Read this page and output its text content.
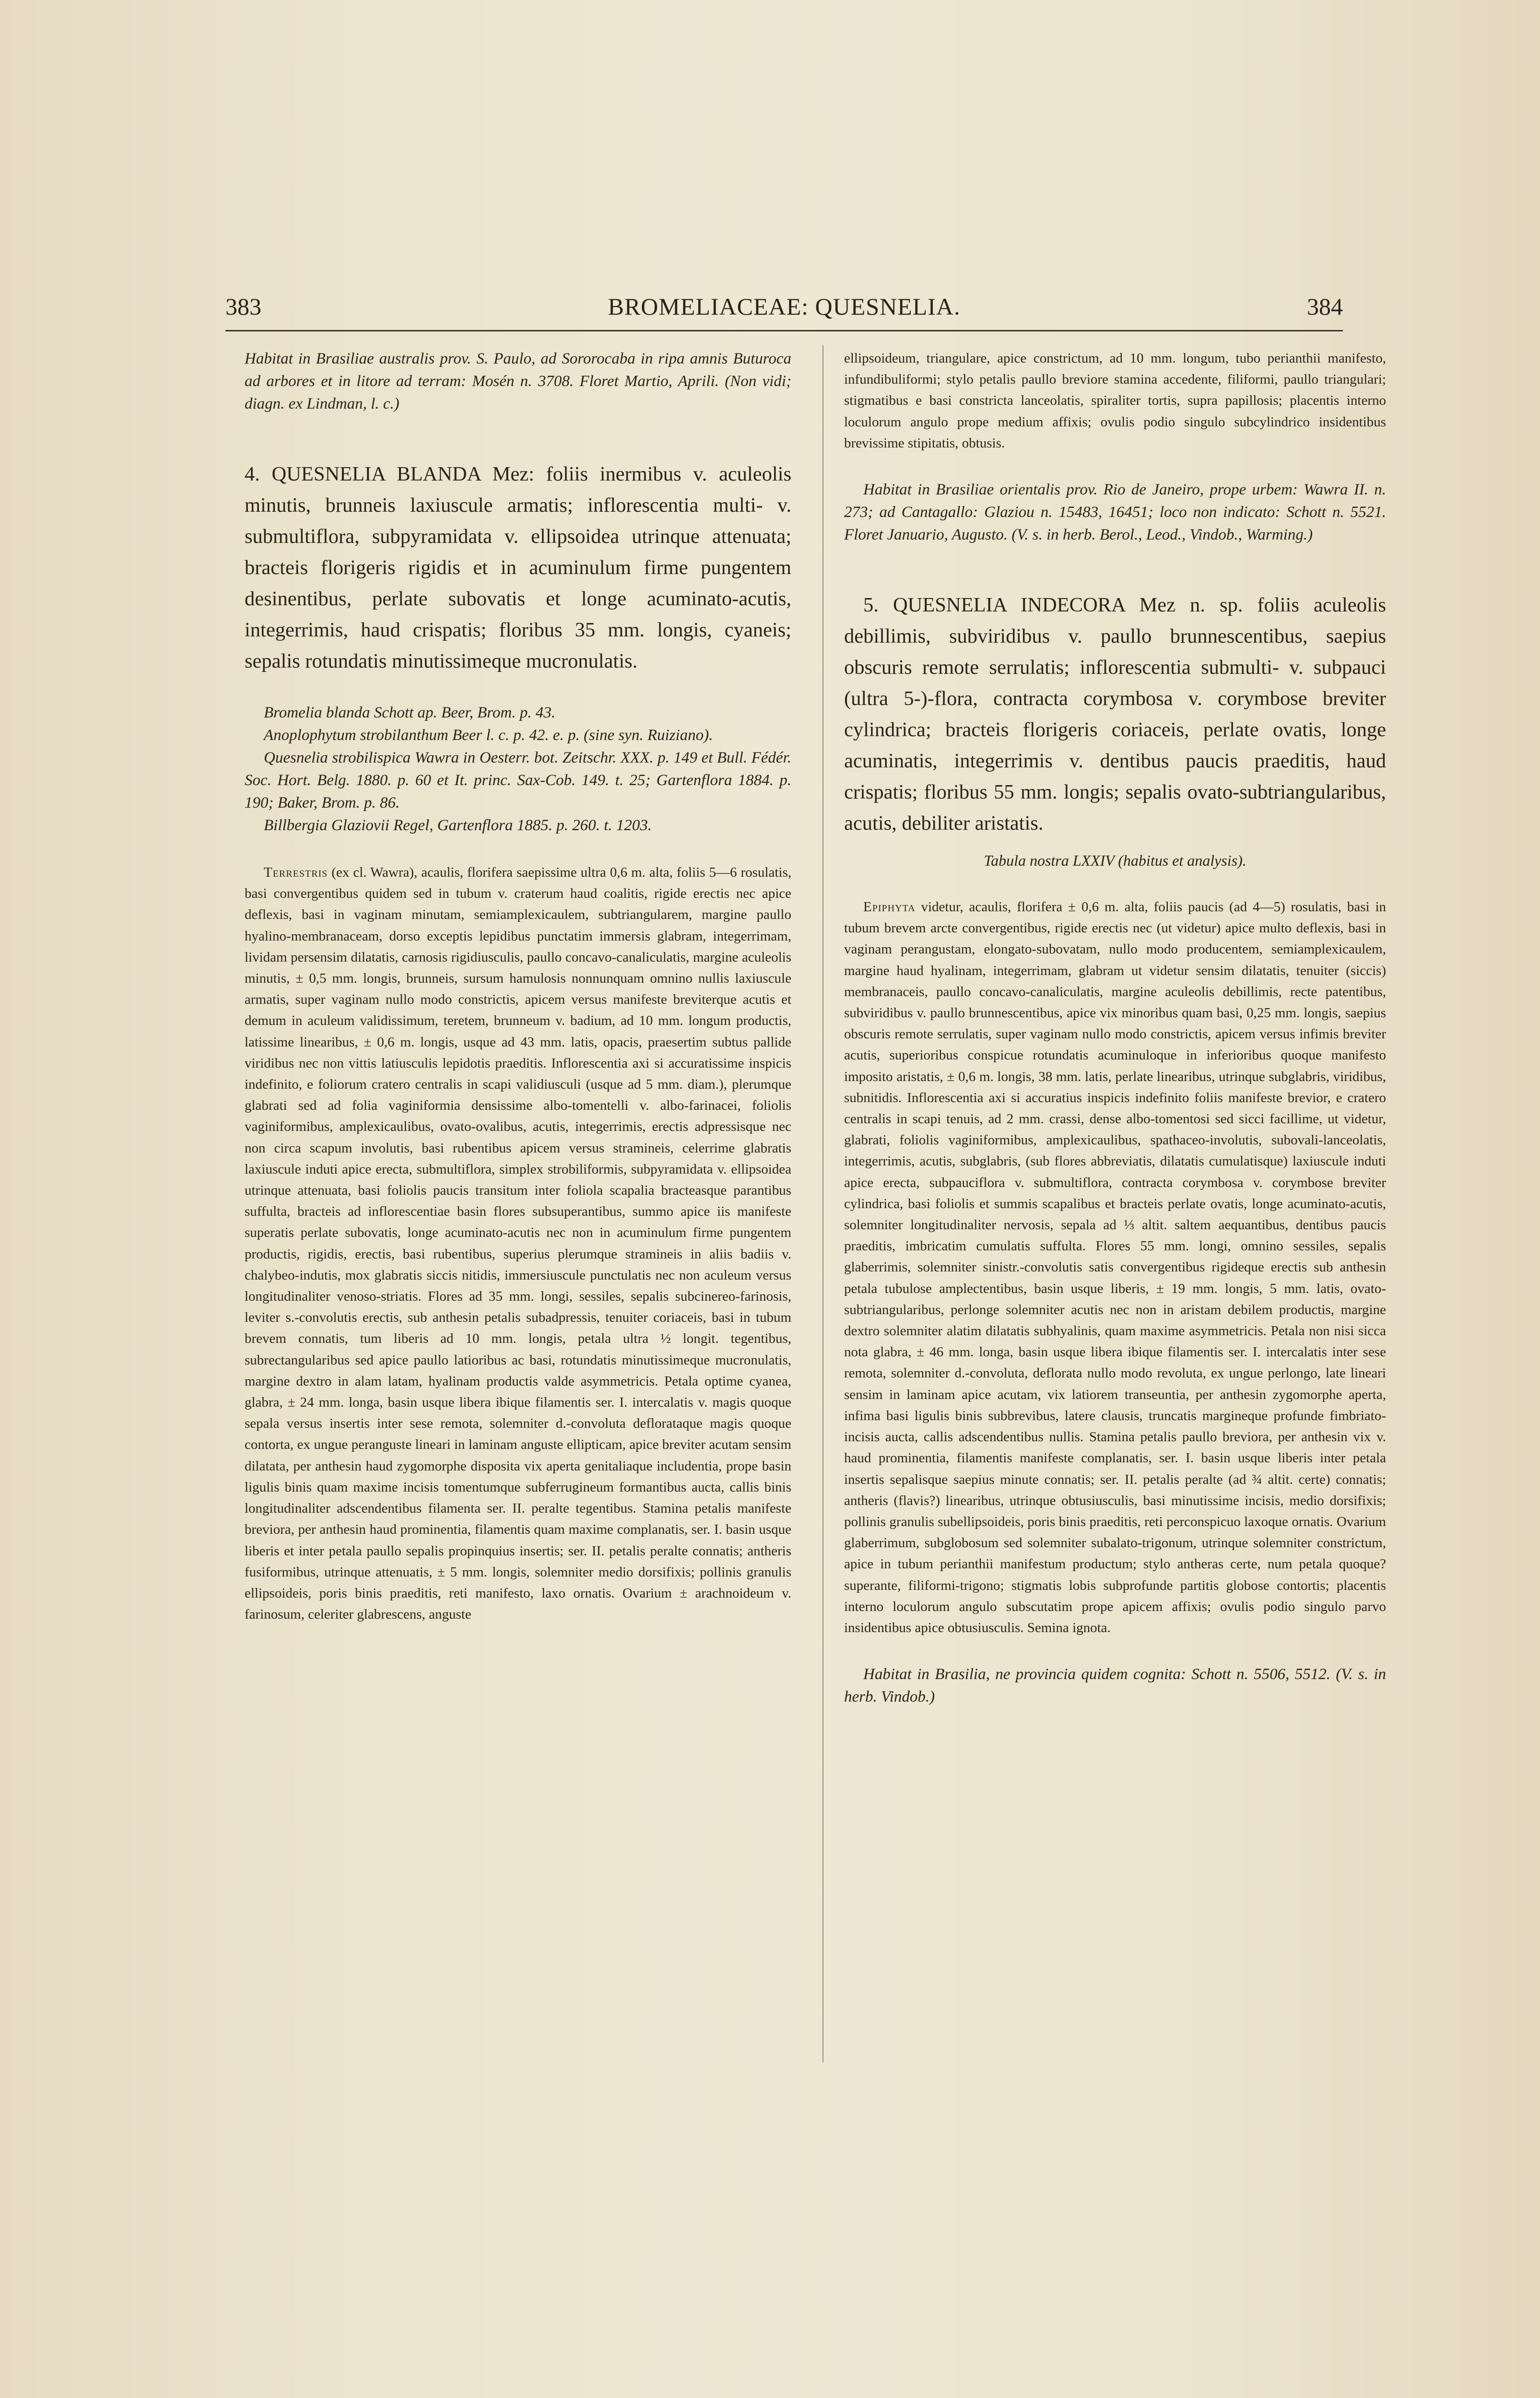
383	BROMELIACEAE: QUESNELIA.	384

Habitat in Brasiliae australis prov. S. Paulo, ad Sororocaba in ripa amnis Buturoca ad arbores et in litore ad terram: Mosén n. 3708. Floret Martio, Aprili. (Non vidi; diagn. ex Lindman, l. c.)

4. QUESNELIA BLANDA Mez: foliis inermibus v. aculeolis minutis, brunneis laxiuscule armatis; inflorescentia multi- v. submultiflora, subpyramidata v. ellipsoidea utrinque attenuata; bracteis florigeris rigidis et in acuminulum firme pungentem desinentibus, perlate subovatis et longe acuminato-acutis, integerrimis, haud crispatis; floribus 35 mm. longis, cyaneis; sepalis rotundatis minutissimeque mucronulatis.

Bromelia blanda Schott ap. Beer, Brom. p. 43.

Anoplophytum strobilanthum Beer l. c. p. 42. e. p. (sine syn. Ruiziano).

Quesnelia strobilispica Wawra in Oesterr. bot. Zeitschr. XXX. p. 149 et Bull. Fédér. Soc. Hort. Belg. 1880. p. 60 et It. princ. Sax-Cob. 149. t. 25; Gartenflora 1884. p. 190; Baker, Brom. p. 86.

Billbergia Glaziovii Regel, Gartenflora 1885. p. 260. t. 1203.

Terrestris (ex cl. Wawra), acaulis, florifera saepissime ultra 0,6 m. alta, foliis 5—6 rosulatis, basi convergentibus quidem sed in tubum v. craterum haud coalitis, rigide erectis nec apice deflexis, basi in vaginam minutam, semiamplexicaulem, subtriangularem, margine paullo hyalino-membranaceam, dorso exceptis lepidibus punctatim immersis glabram, integerrimam, lividam persensim dilatatis, carnosis rigidiusculis, paullo concavo-canaliculatis, margine aculeolis minutis, ± 0,5 mm. longis, brunneis, sursum hamulosis nonnunquam omnino nullis laxiuscule armatis, super vaginam nullo modo constrictis, apicem versus manifeste breviterque acutis et demum in aculeum validissimum, teretem, brunneum v. badium, ad 10 mm. longum productis, latissime linearibus, ± 0,6 m. longis, usque ad 43 mm. latis, opacis, praesertim subtus pallide viridibus nec non vittis latiusculis lepidotis praeditis. Inflorescentia axi si accuratissime inspicis indefinito, e foliorum cratero centralis in scapi validiusculi (usque ad 5 mm. diam.), plerumque glabrati sed ad folia vaginiformia densissime albo-tomentelli v. albo-farinacei, foliolis vaginiformibus, amplexicaulibus, ovato-ovalibus, acutis, integerrimis, erectis adpressisque nec non circa scapum involutis, basi rubentibus apicem versus stramineis, celerrime glabratis laxiuscule induti apice erecta, submultiflora, simplex strobiliformis, subpyramidata v. ellipsoidea utrinque attenuata, basi foliolis paucis transitum inter foliola scapalia bracteasque parantibus suffulta, bracteis ad inflorescentiae basin flores subsuperantibus, summo apice iis manifeste superatis perlate subovatis, longe acuminato-acutis nec non in acuminulum firme pungentem productis, rigidis, erectis, basi rubentibus, superius plerumque stramineis in aliis badiis v. chalybeo-indutis, mox glabratis siccis nitidis, immersiuscule punctulatis nec non aculeum versus longitudinaliter venoso-striatis. Flores ad 35 mm. longi, sessiles, sepalis subcinereo-farinosis, leviter s.-convolutis erectis, sub anthesin petalis subadpressis, tenuiter coriaceis, basi in tubum brevem connatis, tum liberis ad 10 mm. longis, petala ultra ½ longit. tegentibus, subrectangularibus sed apice paullo latioribus ac basi, rotundatis minutissimeque mucronulatis, margine dextro in alam latam, hyalinam productis valde asymmetricis. Petala optime cyanea, glabra, ± 24 mm. longa, basin usque libera ibique filamentis ser. I. intercalatis v. magis quoque sepala versus insertis inter sese remota, solemniter d.-convoluta deflorataque magis quoque contorta, ex ungue peranguste lineari in laminam anguste ellipticam, apice breviter acutam sensim dilatata, per anthesin haud zygomorphe disposita vix aperta genitaliaque includentia, prope basin ligulis binis quam maxime incisis tomentumque subferrugineum formantibus aucta, callis binis longitudinaliter adscendentibus filamenta ser. II. peralte tegentibus. Stamina petalis manifeste breviora, per anthesin haud prominentia, filamentis quam maxime complanatis, ser. I. basin usque liberis et inter petala paullo sepalis propinquius insertis; ser. II. petalis peralte connatis; antheris fusiformibus, utrinque attenuatis, ± 5 mm. longis, solemniter medio dorsifixis; pollinis granulis ellipsoideis, poris binis praeditis, reti manifesto, laxo ornatis. Ovarium ± arachnoideum v. farinosum, celeriter glabrescens, anguste

ellipsoideum, triangulare, apice constrictum, ad 10 mm. longum, tubo perianthii manifesto, infundibuliformi; stylo petalis paullo breviore stamina accedente, filiformi, paullo triangulari; stigmatibus e basi constricta lanceolatis, spiraliter tortis, supra papillosis; placentis interno loculorum angulo prope medium affixis; ovulis podio singulo subcylindrico insidentibus brevissime stipitatis, obtusis.

Habitat in Brasiliae orientalis prov. Rio de Janeiro, prope urbem: Wawra II. n. 273; ad Cantagallo: Glaziou n. 15483, 16451; loco non indicato: Schott n. 5521. Floret Januario, Augusto. (V. s. in herb. Berol., Leod., Vindob., Warming.)

5. QUESNELIA INDECORA Mez n. sp. foliis aculeolis debillimis, subviridibus v. paullo brunnescentibus, saepius obscuris remote serrulatis; inflorescentia submulti- v. subpauci (ultra 5-)-flora, contracta corymbosa v. corymbose breviter cylindrica; bracteis florigeris coriaceis, perlate ovatis, longe acuminatis, integerrimis v. dentibus paucis praeditis, haud crispatis; floribus 55 mm. longis; sepalis ovato-subtriangularibus, acutis, debiliter aristatis.

Tabula nostra LXXIV (habitus et analysis).

Epiphyta videtur, acaulis, florifera ± 0,6 m. alta, foliis paucis (ad 4—5) rosulatis, basi in tubum brevem arcte convergentibus, rigide erectis nec (ut videtur) apice multo deflexis, basi in vaginam perangustam, elongato-subovatam, nullo modo producentem, semiamplexicaulem, margine haud hyalinam, integerrimam, glabram ut videtur sensim dilatatis, tenuiter (siccis) membranaceis, paullo concavo-canaliculatis, margine aculeolis debillimis, recte patentibus, subviridibus v. paullo brunnescentibus, apice vix minoribus quam basi, 0,25 mm. longis, saepius obscuris remote serrulatis, super vaginam nullo modo constrictis, apicem versus infimis breviter acutis, superioribus conspicue rotundatis acuminuloque in inferioribus quoque manifesto imposito aristatis, ± 0,6 m. longis, 38 mm. latis, perlate linearibus, utrinque subglabris, viridibus, subnitidis. Inflorescentia axi si accuratius inspicis indefinito foliis manifeste brevior, e cratero centralis in scapi tenuis, ad 2 mm. crassi, dense albo-tomentosi sed sicci facillime, ut videtur, glabrati, foliolis vaginiformibus, amplexicaulibus, spathaceo-involutis, subovali-lanceolatis, integerrimis, acutis, subglabris, (sub flores abbreviatis, dilatatis cumulatisque) laxiuscule induti apice erecta, subpauciflora v. submultiflora, contracta corymbosa v. corymbose breviter cylindrica, basi foliolis et summis scapalibus et bracteis perlate ovatis, longe acuminato-acutis, solemniter longitudinaliter nervosis, sepala ad ⅓ altit. saltem aequantibus, dentibus paucis praeditis, imbricatim cumulatis suffulta. Flores 55 mm. longi, omnino sessiles, sepalis glaberrimis, solemniter sinistr.-convolutis satis convergentibus rigideque erectis sub anthesin petala tubulose amplectentibus, basin usque liberis, ± 19 mm. longis, 5 mm. latis, ovato-subtriangularibus, perlonge solemniter acutis nec non in aristam debilem productis, margine dextro solemniter alatim dilatatis subhyalinis, quam maxime asymmetricis. Petala non nisi sicca nota glabra, ± 46 mm. longa, basin usque libera ibique filamentis ser. I. intercalatis inter sese remota, solemniter d.-convoluta, deflorata nullo modo revoluta, ex ungue perlongo, late lineari sensim in laminam apice acutam, vix latiorem transeuntia, per anthesin zygomorphe aperta, infima basi ligulis binis subbrevibus, latere clausis, truncatis margineque profunde fimbriato-incisis aucta, callis adscendentibus nullis. Stamina petalis paullo breviora, per anthesin vix v. haud prominentia, filamentis manifeste complanatis, ser. I. basin usque liberis inter petala insertis sepalisque saepius minute connatis; ser. II. petalis peralte (ad ¾ altit. certe) connatis; antheris (flavis?) linearibus, utrinque obtusiusculis, basi minutissime incisis, medio dorsifixis; pollinis granulis subellipsoideis, poris binis praeditis, reti perconspicuo laxoque ornatis. Ovarium glaberrimum, subglobosum sed solemniter subalato-trigonum, utrinque solemniter constrictum, apice in tubum perianthii manifestum productum; stylo antheras certe, num petala quoque? superante, filiformi-trigono; stigmatis lobis subprofunde partitis globose contortis; placentis interno loculorum angulo subscutatim prope apicem affixis; ovulis podio singulo parvo insidentibus apice obtusiusculis. Semina ignota.

Habitat in Brasilia, ne provincia quidem cognita: Schott n. 5506, 5512. (V. s. in herb. Vindob.)
